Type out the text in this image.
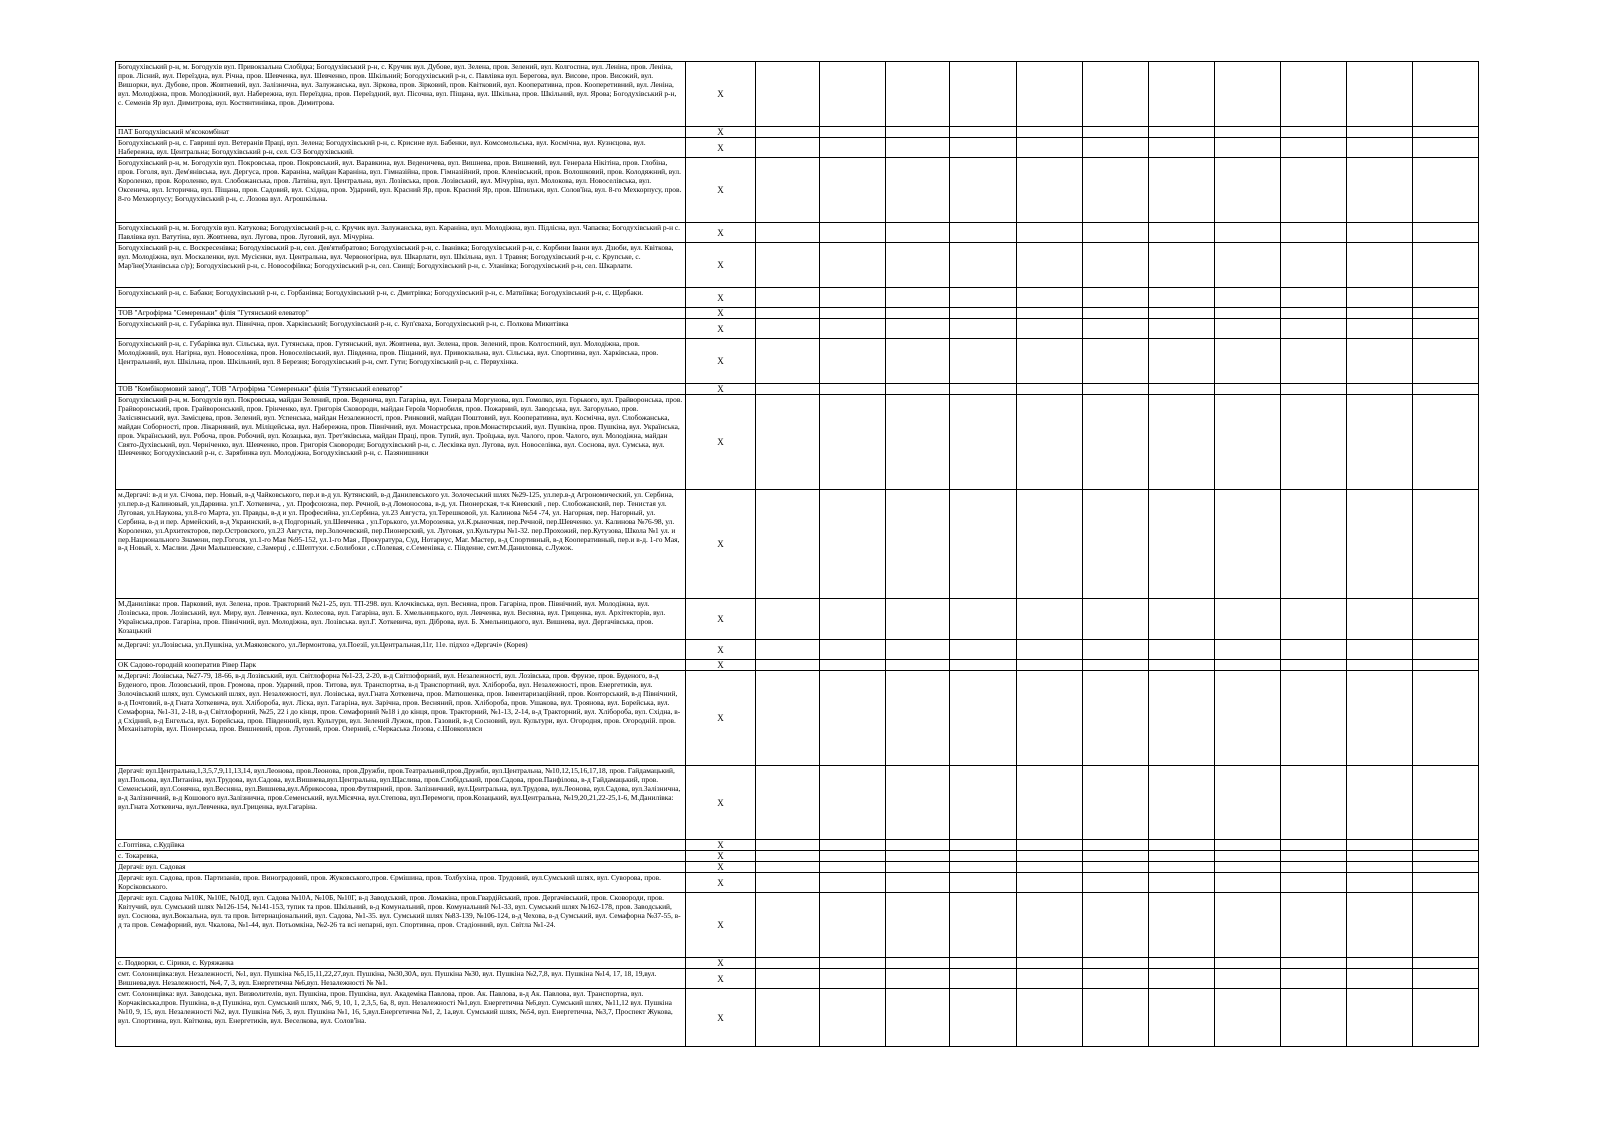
Богодухівський р-н, м. Богодухів вул. Привокзальна Слобідка; Богодухівський р-н, с. Кручик вул. Дубове, вул. Зелена, пров. Зелений, вул. Колгоспна, вул. Леніна, пров. Леніна, пров. Лісний, вул. Переїздна, вул. Річна, пров. Шевченка, вул. Шевченко, пров. Шкільний; Богодухівський р-н, с. Павлівка вул. Берегова, вул. Висове, пров. Високий, вул. Вишорки, вул. Дубове, пров. Жовтневий, вул. Залізнична, вул. Залужанська, вул. Зіркова, пров. Зірковий, пров. Квітковий, вул. Кооперативна, пров. Кооперетивний, вул. Леніна, вул. Молодіжна, пров. Молодіжний, вул. Набережна, вул. Переїздна, пров. Переїздний, вул. Пісочна, вул. Піщана, вул. Шкільна, пров. Шкільний, вул. Ярова; Богодухівський р-н, с. Семенів Яр вул. Димитрова, вул. Костянтинівка, пров. Димитрова.	X											
ПАТ Богодухівський м'ясокомбінат	X											
Богодухівський р-н, с. Гавриші вул. Ветеранів Праці, вул. Зелена; Богодухівський р-н, с. Крисине вул. Бабенки, вул. Комсомольська, вул. Космічна, вул. Кузнєцова, вул. Набережна, вул. Центральна; Богодухівський р-н, сел. С/З Богодухівський.	X											
Богодухівський р-н, м. Богодухів вул. Покровська, пров. Покровський, вул. Варавкина, вул. Веденичева, вул. Вишнева, пров. Вишневий, вул. Генерала Нікітіна, пров. Глобіна, пров. Гоголя, вул. Дем'янівська, вул. Дергуса, пров. Караніна, майдан Караніна, вул. Гімназійна, пров. Гімназійний, пров. Кленівський, пров. Волошковий, пров. Колодяжний, вул. Короленко, пров. Короленко, вул. Слобожанська, пров. Латвіна, вул. Центральна, вул. Лозівська, пров. Лозівський, вул. Мічуріна, вул. Молокова, вул. Новоселівська, вул. Оксенича, вул. Історична, вул. Піщана, пров. Садовий, вул. Східна, пров. Ударний, вул. Красний Яр, пров. Красний Яр, пров. Шпильки, вул. Солов'їна, вул. 8-го Мехкорпусу, пров. 8-го Мехкорпусу; Богодухівський р-н, с. Лозова вул. Агрошкільна.	X											
Богодухівський р-н, м. Богодухів вул. Катукова; Богодухівський р-н, с. Кручик вул. Залужанська, вул. Караніна, вул. Молодіжна, вул. Підлісна, вул. Чапаєва; Богодухівський р-н с. Павлівка вул. Ватутіна, вул. Жовтнева, вул. Лугова, пров. Луговий, вул. Мічуріна.	X											
Богодухівський р-н, с. Воскресенівка; Богодухівський р-н, сел. Дев'ятибратово; Богодухівський р-н, с. Іванівка; Богодухівський р-н, с. Корбини Івани вул. Дзюби, вул. Квіткова, вул. Молодіжна, вул. Москаленки, вул. Мусієнки, вул. Центральна, вул. Червоногірна, вул. Шкарлати, вул. Шкільна, вул. 1 Травня; Богодухівський р-н, с. Крупське, с. Мар'їне(Уланівська с/р); Богодухівський р-н, с. Новософіївка; Богодухівський р-н, сел. Свищі; Богодухівський р-н, с. Уланівка; Богодухівський р-н, сел. Шкарлати.	X											
Богодухівський р-н, с. Бабаки; Богодухівський р-н, с. Горбанівка; Богодухівський р-н, с. Дмитрівка; Богодухівський р-н, с. Матвіївка; Богодухівський р-н, с. Щербаки.	X											
ТОВ "Агрофірма "Семереньки" філія "Гутянський елеватор"	X											
Богодухівський р-н, с. Губарівка вул. Північна, пров. Харківський; Богодухівський р-н, с. Куп'єваха, Богодухівський р-н, с. Полкова Микитівка	X											
Богодухівський р-н, с. Губарівка вул. Сільська, вул. Гутянська, пров. Гутянський, вул. Жовтнева, вул. Зелена, пров. Зелений, пров. Колгоспний, вул. Молодіжна, пров. Молодіжний, вул. Нагірна, вул. Новоселівка, пров. Новоселівський, вул. Південна, пров. Піщаний, вул. Привокзальна, вул. Сільська, вул. Спортивна, вул. Харківська, пров. Центральний, вул. Шкільна, пров. Шкільний, вул. 8 Березня; Богодухівський р-н, смт. Гути; Богодухівський р-н, с. Первухінка.	X											
ТОВ "Комбікормовий завод", ТОВ "Агрофірма "Семереньки" філія "Гутянський елеватор"	X											
Богодухівський р-н, м. Богодухів вул. Покровська, майдан Зелений, пров. Веденича, вул. Гагаріна, вул. Генерала Моргунова, вул. Гомолко, вул. Горького, вул. Грайворонська, пров. Грайворонський, пров. Грайворонський, пров. Грінченко, вул. Григорія Сковороди, майдан Героїв Чорнобиля, пров. Пожарний, вул. Заводська, вул. Загорулько, пров. Заліснянський, вул. Замісцева, пров. Зелений, вул. Успенська, майдан Незалежності, пров. Ринковий, майдан Поштовий, вул. Кооперативна, вул. Космічна, вул. Слобожанська, майдан Соборності, пров. Лікарняний, вул. Міліцейська, вул. Набережна, пров. Північний, вул. Монастрська, пров.Монастирський, вул. Пушкіна, пров. Пушкіна, вул. Українська, пров. Український, вул. Робоча, пров. Робочий, вул. Козацька, вул. Трет'яківська, майдан Праці, пров. Тупий, вул. Троїцька, вул. Чалого, пров. Чалого, вул. Молодіжна, майдан Свято-Духівський, вул. Черніченко, вул. Шевченко, пров. Григорія Сковороди; Богодухівський р-н, с. Лесківка вул. Лугова, вул. Новоселівка, вул. Соснова, вул. Сумська, вул. Шевченко; Богодухівський р-н, с. Зарябинка вул. Молодіжна, Богодухівський р-н, с. Пазянишники	X											
м.Дергачі: в-д и ул. Січова, пер. Новый, в-д Чайковського, пер.и в-д ул. Кутянский, в-д Данилевського ул. Золочеський шлях №29-125, ул.пер.в-д Агрономический, ул. Сербина, ул.пер.в-д Калиновый, ул.Дарвина. ул.Г. Хоткевича, , ул. Профсоюзна, пер. Речной, в-д Ломоносова, в-д, ул. Пионерская, т-к Киевский , пер. Слобожанский, пер. Тенистая ул. Луговая, ул.Наукова, ул.8-го Марта, ул. Правды, в-д и ул. Професийна, ул.Сербина, ул.23 Августа, ул.Терешковой, ул. Калинова №54 -74, ул. Нагорная, пер. Нагорный, ул. Сербина, в-д и пер. Армейский, в-д Украинский, в-д Подгорный, ул.Шевченка , ул.Горького, ул.Морозенка, ул.К.рыночная, пер.Речной, пер.Шевченко. ул. Калинова №76-98, ул. Короленко, ул.Архитекторов, пер.Островского, ул.23 Августа, пер.Золочевский, пер.Пионерский, ул. Луговая, ул.Культуры №1-32. пер.Прохожий, пер.Кутузова, Школа №1 ул. и пер.Национального Знамени, пер.Гоголя, ул.1-го Мая №95-152, ул.1-го Мая , Прокуратура, Суд, Нотариус, Маг. Мастер, в-д Спортивный, в-д Кооперативный, пер.и в-д. 1-го Мая, в-д Новый, х. Маслии. Дачи Малышевские, с.Замерці , с.Шептухи. с.Болибоки , с.Полевая, с.Семенівка, с. Південне, смт.М.Даниловка, с.Лужок.	X											
М.Данилівка: пров. Парковий, вул. Зелена, пров. Тракторний №21-25, вул. ТП-298. вул. Клочківська, вул. Весняна, пров. Гагаріна, пров. Північний, вул. Молодіжна, вул. Лозівська, пров. Лозівський, вул. Миру, вул. Левченка, вул. Колесова, вул. Гагаріна, вул. Б. Хмельницького, вул. Левченка, вул. Весняна, вул. Гриценка, вул. Архітекторів, вул. Українська,пров. Гагаріна, пров. Північний, вул. Молодіжна, вул. Лозівська. вул.Г. Хоткевича, вул. Діброва, вул. Б. Хмельницького, вул. Вишнева, вул. Дергачівська, пров. Козацький	X											
м.Дергачі: ул.Лозівська, ул.Пушкіна, ул.Маяковского, ул.Лермонтова, ул.Поезії, ул.Центральная,11г, 11е. підхоз «Дергачі» (Корея)	X											
ОК Садово-городній кооператив Рівер Парк	X											
м.Дергачі: Лозівська, №27-79, 18-66, в-д Лозівський, вул. Світлофорна №1-23, 2-20, в-д Світлофорний, вул. Незалежності, вул. Лозівська, пров. Фрунзе, пров. Буденого, в-д Буденого, пров. Лозовський, пров. Громова, пров. Ударний, пров. Титова, вул. Транспортна, в-д Транспортний, вул. Хлібороба, вул. Незалежності, пров. Енергетиків, вул. Золочівський шлях, вул. Сумський шлях, вул. Незалежності, вул. Лозівська, вул.Гната Хоткевича, пров. Матюшенка, пров. Інвентаризаційний, пров. Конторський, в-д Північний, в-д Почтовий, в-д Гната Хоткевича, вул. Хлібороба, вул. Ліска, вул. Гагаріна, вул. Зарічна, пров. Весняний, пров. Хлібороба, пров. Ушакова, вул. Троянова, вул. Борейська, вул. Семафорна, №1-31, 2-18, в-д Світлофорний, №25, 22 і до кінця, пров. Семафорний №18 і до кінця, пров. Тракторний, №1-13, 2-14, в-д Тракторний, вул. Хлібороба, вул. Східна, в-д Східний, в-д Енгельса, вул. Борейська, пров. Південний, вул. Культури, вул. Зелений Лужок, пров. Газовий, в-д Сосновий, вул. Культури, вул. Огородня, пров. Огородній. пров. Механізаторів, вул. Піонерська, пров. Вишневий, пров. Луговий, пров. Озерний, с.Черкаська Лозова, с.Шовкопляси	X											
Дергачі: вул.Центральна,1,3,5,7,9,11,13,14, вул.Леонова, пров.Леонова, пров.Дружби, пров.Театральний,пров.Дружби, вул.Центральна, №10,12,15,16,17,18, пров. Гайдамацький, вул.Польова, вул.Питаніна, вул.Трудова, вул.Садова, вул.Вишнева,вул.Центральна, вул.Щаслива, пров.Слобідський, пров.Садова, пров.Панфілова, в-д Гайдамацький, пров. Семенський, вул.Сонячна, вул.Весняна, вул.Вишнева,вул.Абрикосова, пров.Футлярний, пров. Залізничний, вул.Центральна, вул.Трудова, вул.Леонова, вул.Садова, вул.Залізнична, в-д Залізничний, в-д Кошового вул.Залізнична, пров.Семенський, вул.Місячна, вул.Степова, вул.Перемоги, пров.Козацький, вул.Центральна, №19,20,21,22-25,1-6, М.Данилівка: вул.Гната Хоткевича, вул.Левченка, вул.Гриценка, вул.Гагаріна.	X											
с.Гоптівка, с.Кудіївка	X											
с. Токаревка,	X											
Дергачі: вул. Садовая	X											
Дергачі: вул. Садова, пров. Партизанів, пров. Виноградовий, пров. Жуковського,пров. Єрмішина, пров. Толбухіна, пров. Трудовий, вул.Сумський шлях, вул. Суворова, пров. Корсіковського.	X											
Дергачі: вул. Садова №10К, №10Е, №10Д, вул. Садова №10А, №10Б, №10Г, в-д Заводський, пров. Ломакіна, пров.Гвардійський, пров. Дергачівський, пров. Сковороди, пров. Квітучий, вул. Сумський шлях №126-154, №141-153, тупик та пров. Шкільний, в-д Комунальний, пров. Комунальний №1-33, вул. Сумський шлях №162-178, пров. Заводський, вул. Соснова, вул.Вокзальна, вул. та пров. Інтернаціональний, вул. Садова, №1-35. вул. Сумський шлях №83-139, №106-124, в-д Чехова, в-д Сумський, вул. Семафорна №37-55, в-д та пров. Семафорний, вул. Чкалова, №1-44, вул. Потьомкіна, №2-26 та всі непарні, вул. Спортивна, пров. Стадіонний, вул. Світла №1-24.	X											
с. Подворки, с. Сірики, с. Куряжанка	X											
смт. Солоницівка:вул. Незалежності, №1, вул. Пушкіна №5,15,11,22,27,вул. Пушкіна, №30,30А, вул. Пушкіна №30, вул. Пушкіна №2,7,8, вул. Пушкіна №14, 17, 18, 19,вул. Вишнева,вул. Незалежності, №4, 7, 3, вул. Енергетична №6,вул. Незалежності № №1.	X											
смт. Солоницівка: вул. Заводська, вул. Визволителів, вул. Пушкіна, пров. Пушкіна, вул. Академіка Павлова, пров. Ак. Павлова, в-д Ак. Павлова, вул. Транспортна, вул. Корчаківська,пров. Пушкіна, в-д Пушкіна, вул. Сумський шлях, №6, 9, 10, 1, 2,3,5, 6а, 8, вул. Незалежності №1,вул. Енергетична №6,вул. Сумський шлях, №11,12 вул. Пушкіна №10, 9, 15, вул. Незалежності №2, вул. Пушкіна №6, 3, вул. Пушкіна №1, 16, 5,вул.Енергетична №1, 2, 1а,вул. Сумський шлях, №54, вул. Енергетична, №3,7, Проспект Жукова, вул. Спортивна, вул. Квіткова, вул. Енергетиків, вул. Веселкова, вул. Солов'їна.	X											
